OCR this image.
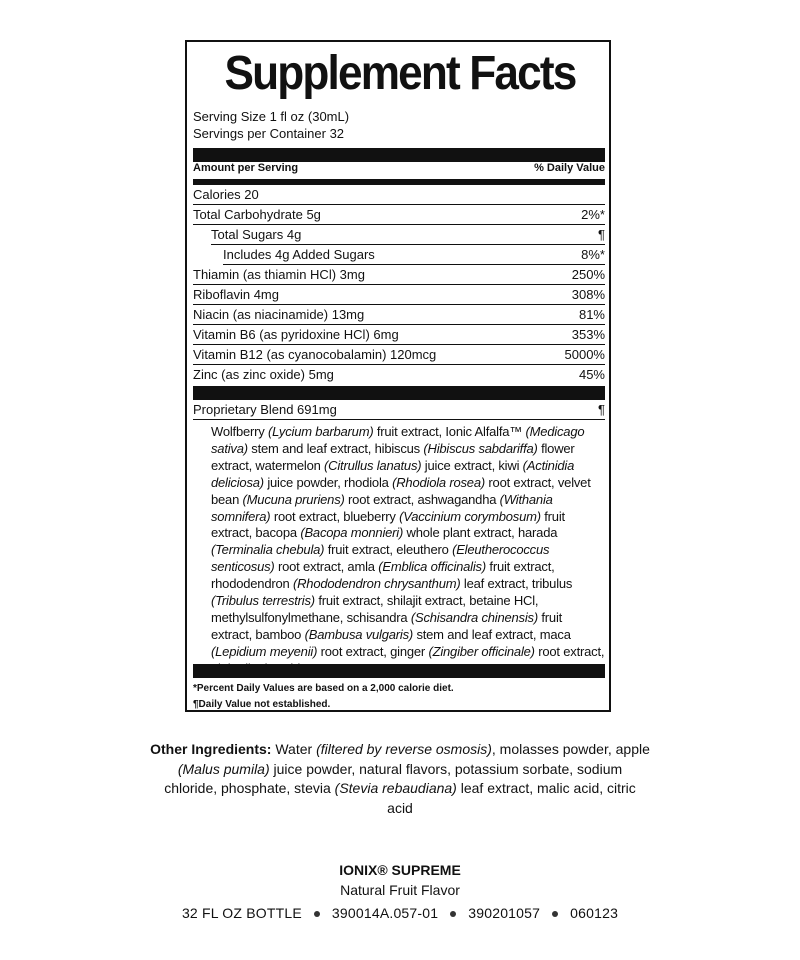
Supplement Facts
Serving Size 1 fl oz (30mL)
Servings per Container 32
Amount per Serving	% Daily Value
Calories 20
Total Carbohydrate 5g	2%*
Total Sugars 4g	¶
Includes 4g Added Sugars	8%*
Thiamin (as thiamin HCl) 3mg	250%
Riboflavin 4mg	308%
Niacin (as niacinamide) 13mg	81%
Vitamin B6 (as pyridoxine HCl) 6mg	353%
Vitamin B12 (as cyanocobalamin) 120mcg	5000%
Zinc (as zinc oxide) 5mg	45%
Proprietary Blend 691mg	¶
Wolfberry (Lycium barbarum) fruit extract, Ionic Alfalfa™ (Medicago sativa) stem and leaf extract, hibiscus (Hibiscus sabdariffa) flower extract, watermelon (Citrullus lanatus) juice extract, kiwi (Actinidia deliciosa) juice powder, rhodiola (Rhodiola rosea) root extract, velvet bean (Mucuna pruriens) root extract, ashwagandha (Withania somnifera) root extract, blueberry (Vaccinium corymbosum) fruit extract, bacopa (Bacopa monnieri) whole plant extract, harada (Terminalia chebula) fruit extract, eleuthero (Eleutherococcus senticosus) root extract, amla (Emblica officinalis) fruit extract, rhododendron (Rhododendron chrysanthum) leaf extract, tribulus (Tribulus terrestris) fruit extract, shilajit extract, betaine HCl, methylsulfonylmethane, schisandra (Schisandra chinensis) fruit extract, bamboo (Bambusa vulgaris) stem and leaf extract, maca (Lepidium meyenii) root extract, ginger (Zingiber officinale) root extract,
*Percent Daily Values are based on a 2,000 calorie diet.
¶Daily Value not established.
Other Ingredients: Water (filtered by reverse osmosis), molasses powder, apple (Malus pumila) juice powder, natural flavors, potassium sorbate, sodium chloride, phosphate, stevia (Stevia rebaudiana) leaf extract, malic acid, citric acid
IONIX® SUPREME
Natural Fruit Flavor
32 FL OZ BOTTLE 390014A.057-01 390201057 060123
